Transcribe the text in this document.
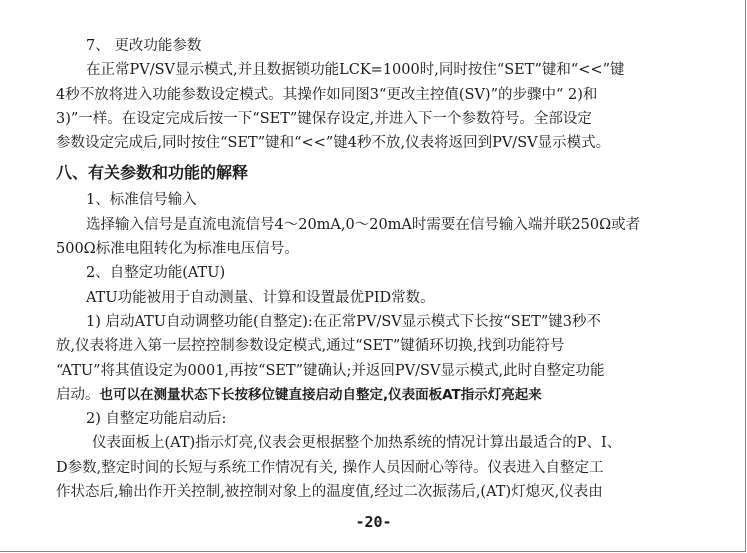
7、 更改功能参数
在正常PV/SV显示模式,并且数据锁功能LCK=1000时,同时按住“SET”键和“<<”键
4秒不放将进入功能参数设定模式。其操作如同图3“更改主控值(SV)”的步骤中“ 2)和
3)”一样。在设定完成后按一下“SET”键保存设定,并进入下一个参数符号。全部设定
参数设定完成后,同时按住“SET”键和“<<”键4秒不放,仪表将返回到PV/SV显示模式。
八、有关参数和功能的解释
1、标准信号输入
选择输入信号是直流电流信号4～20mA,0～20mA时需要在信号输入端并联250Ω或者
500Ω标准电阻转化为标准电压信号。
2、自整定功能(ATU)
ATU功能被用于自动测量、计算和设置最优PID常数。
1) 启动ATU自动调整功能(自整定):在正常PV/SV显示模式下长按“SET”键3秒不
放,仪表将进入第一层控控制参数设定模式,通过“SET”键循环切换,找到功能符号
“ATU”将其值设定为0001,再按“SET”键确认;并返回PV/SV显示模式,此时自整定功能
启动。也可以在测量状态下长按移位键直接启动自整定,仪表面板AT指示灯亮起来
2) 自整定功能启动后:
仪表面板上(AT)指示灯亮,仪表会更根据整个加热系统的情况计算出最适合的P、I、
D参数,整定时间的长短与系统工作情况有关, 操作人员因耐心等待。仪表进入自整定工
作状态后,输出作开关控制,被控制对象上的温度值,经过二次振荡后,(AT)灯熄灭,仪表由
-20-
